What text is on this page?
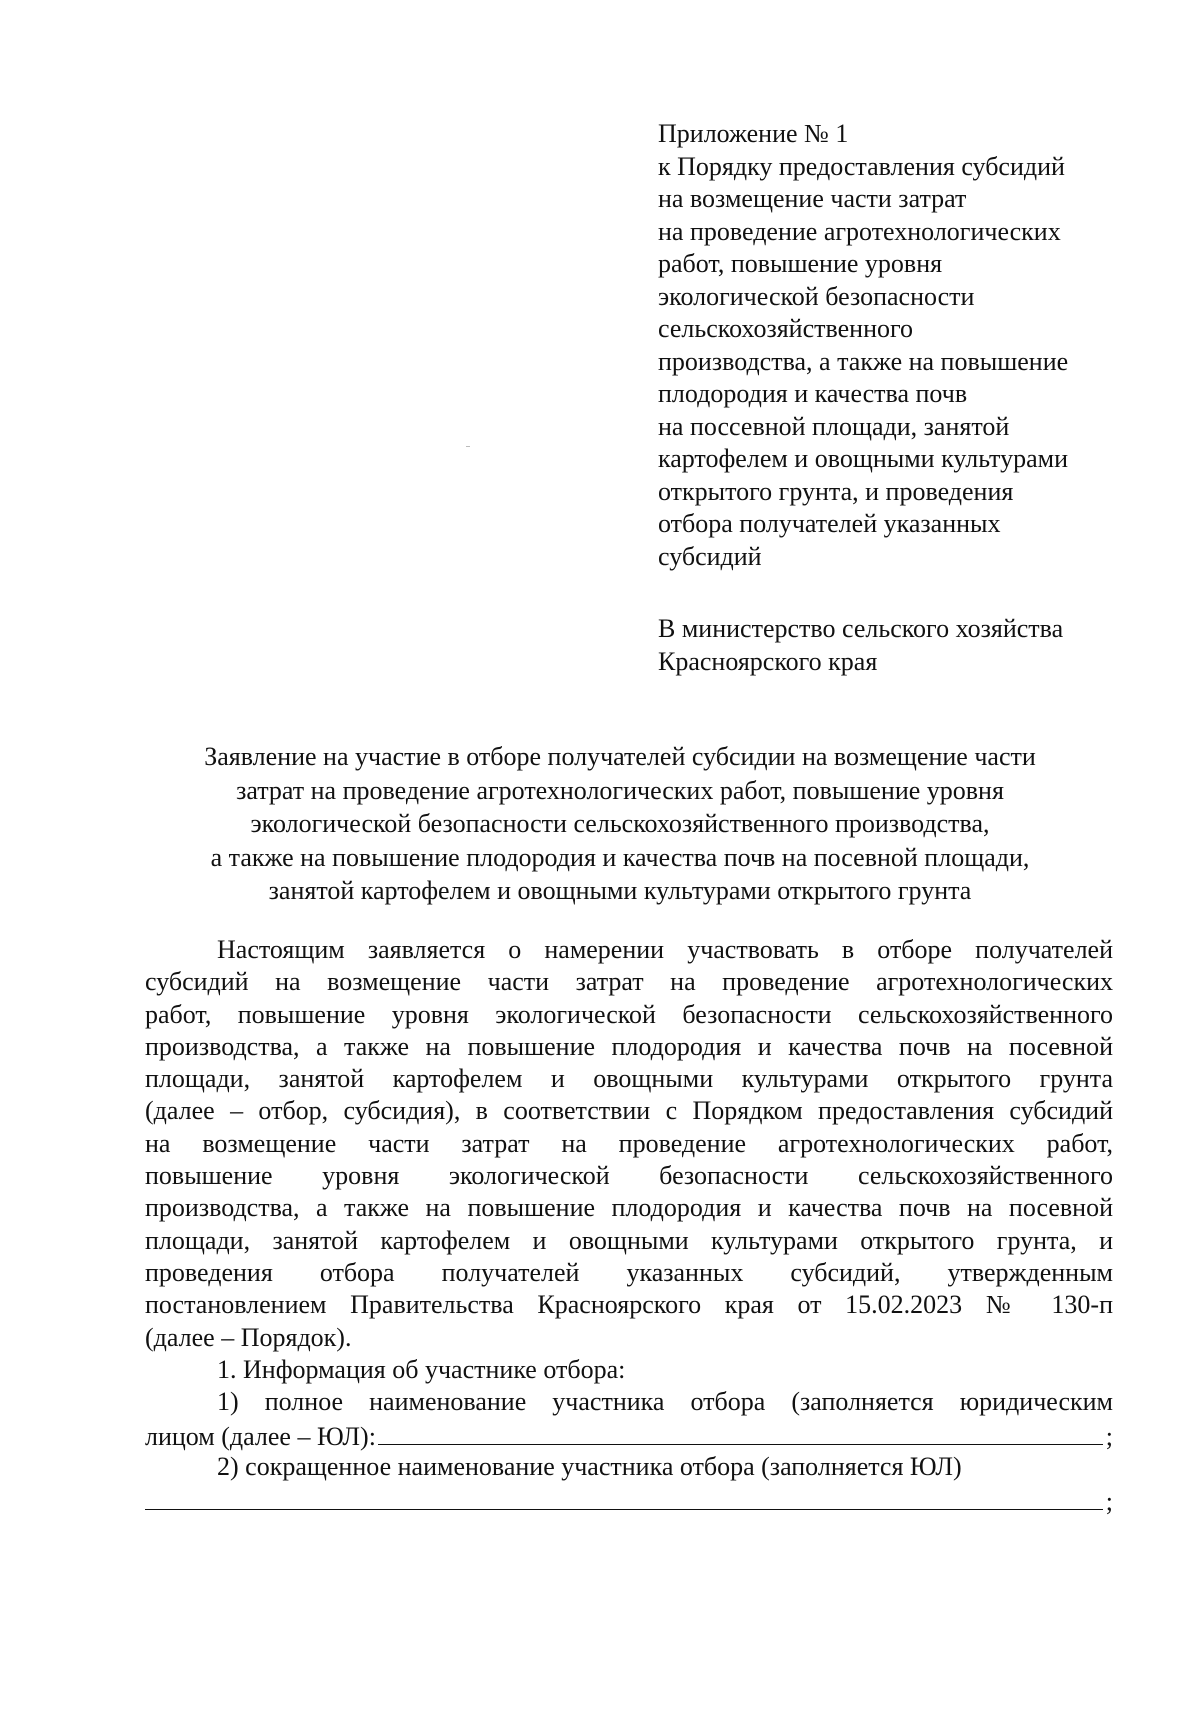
Приложение № 1
к Порядку предоставления субсидий
на возмещение части затрат
на проведение агротехнологических
работ, повышение уровня
экологической безопасности
сельскохозяйственного
производства, а также на повышение
плодородия и качества почв
на поссевной площади, занятой
картофелем и овощными культурами
открытого грунта, и проведения
отбора получателей указанных
субсидий
В министерство сельского хозяйства
Красноярского края
Заявление на участие в отборе получателей субсидии на возмещение части
затрат на проведение агротехнологических работ, повышение уровня
экологической безопасности сельскохозяйственного производства,
а также на повышение плодородия и качества почв на посевной площади,
занятой картофелем и овощными культурами открытого грунта
Настоящим заявляется о намерении участвовать в отборе получателей
субсидий на возмещение части затрат на проведение агротехнологических
работ, повышение уровня экологической безопасности сельскохозяйственного
производства, а также на повышение плодородия и качества почв на посевной
площади, занятой картофелем и овощными культурами открытого грунта
(далее – отбор, субсидия), в соответствии с Порядком предоставления субсидий
на возмещение части затрат на проведение агротехнологических работ,
повышение уровня экологической безопасности сельскохозяйственного
производства, а также на повышение плодородия и качества почв на посевной
площади, занятой картофелем и овощными культурами открытого грунта, и
проведения отбора получателей указанных субсидий, утвержденным
постановлением Правительства Красноярского края от 15.02.2023 № 130-п
(далее – Порядок).
1. Информация об участнике отбора:
1) полное наименование участника отбора (заполняется юридическим
лицом (далее – ЮЛ):	;
2) сокращенное наименование участника отбора (заполняется ЮЛ)
;
